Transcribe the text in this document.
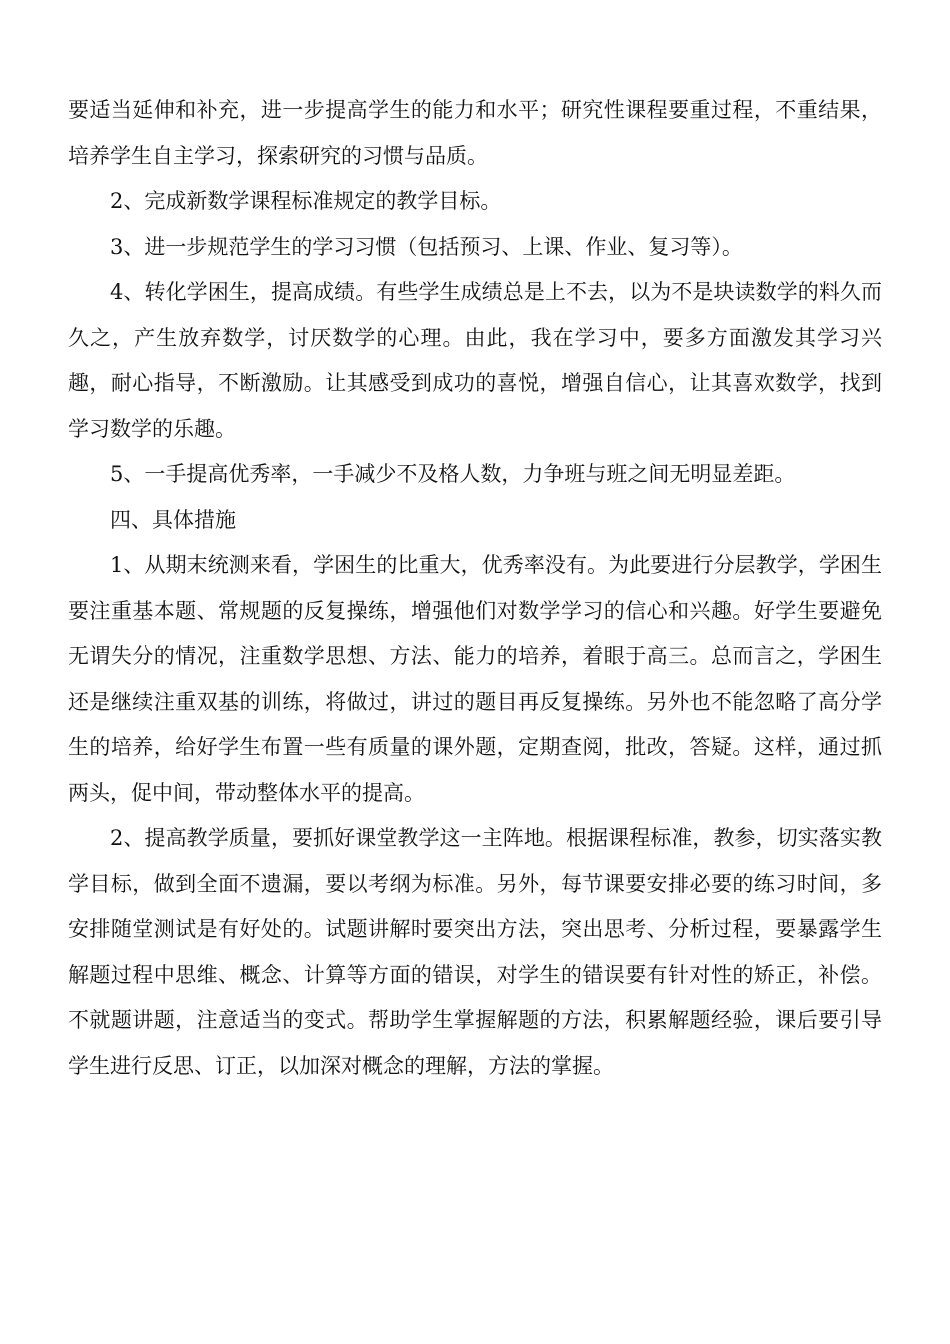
要适当延伸和补充，进一步提高学生的能力和水平；研究性课程要重过程，不重结果，培养学生自主学习，探索研究的习惯与品质。

2、完成新数学课程标准规定的教学目标。

3、进一步规范学生的学习习惯（包括预习、上课、作业、复习等）。

4、转化学困生，提高成绩。有些学生成绩总是上不去，以为不是块读数学的料久而久之，产生放弃数学，讨厌数学的心理。由此，我在学习中，要多方面激发其学习兴趣，耐心指导，不断激励。让其感受到成功的喜悦，增强自信心，让其喜欢数学，找到学习数学的乐趣。

5、一手提高优秀率，一手减少不及格人数，力争班与班之间无明显差距。

四、具体措施

1、从期末统测来看，学困生的比重大，优秀率没有。为此要进行分层教学，学困生要注重基本题、常规题的反复操练，增强他们对数学学习的信心和兴趣。好学生要避免无谓失分的情况，注重数学思想、方法、能力的培养，着眼于高三。总而言之，学困生还是继续注重双基的训练，将做过，讲过的题目再反复操练。另外也不能忽略了高分学生的培养，给好学生布置一些有质量的课外题，定期查阅，批改，答疑。这样，通过抓两头，促中间，带动整体水平的提高。

2、提高教学质量，要抓好课堂教学这一主阵地。根据课程标准，教参，切实落实教学目标，做到全面不遗漏，要以考纲为标准。另外，每节课要安排必要的练习时间，多安排随堂测试是有好处的。试题讲解时要突出方法，突出思考、分析过程，要暴露学生解题过程中思维、概念、计算等方面的错误，对学生的错误要有针对性的矫正，补偿。不就题讲题，注意适当的变式。帮助学生掌握解题的方法，积累解题经验，课后要引导学生进行反思、订正，以加深对概念的理解，方法的掌握。
